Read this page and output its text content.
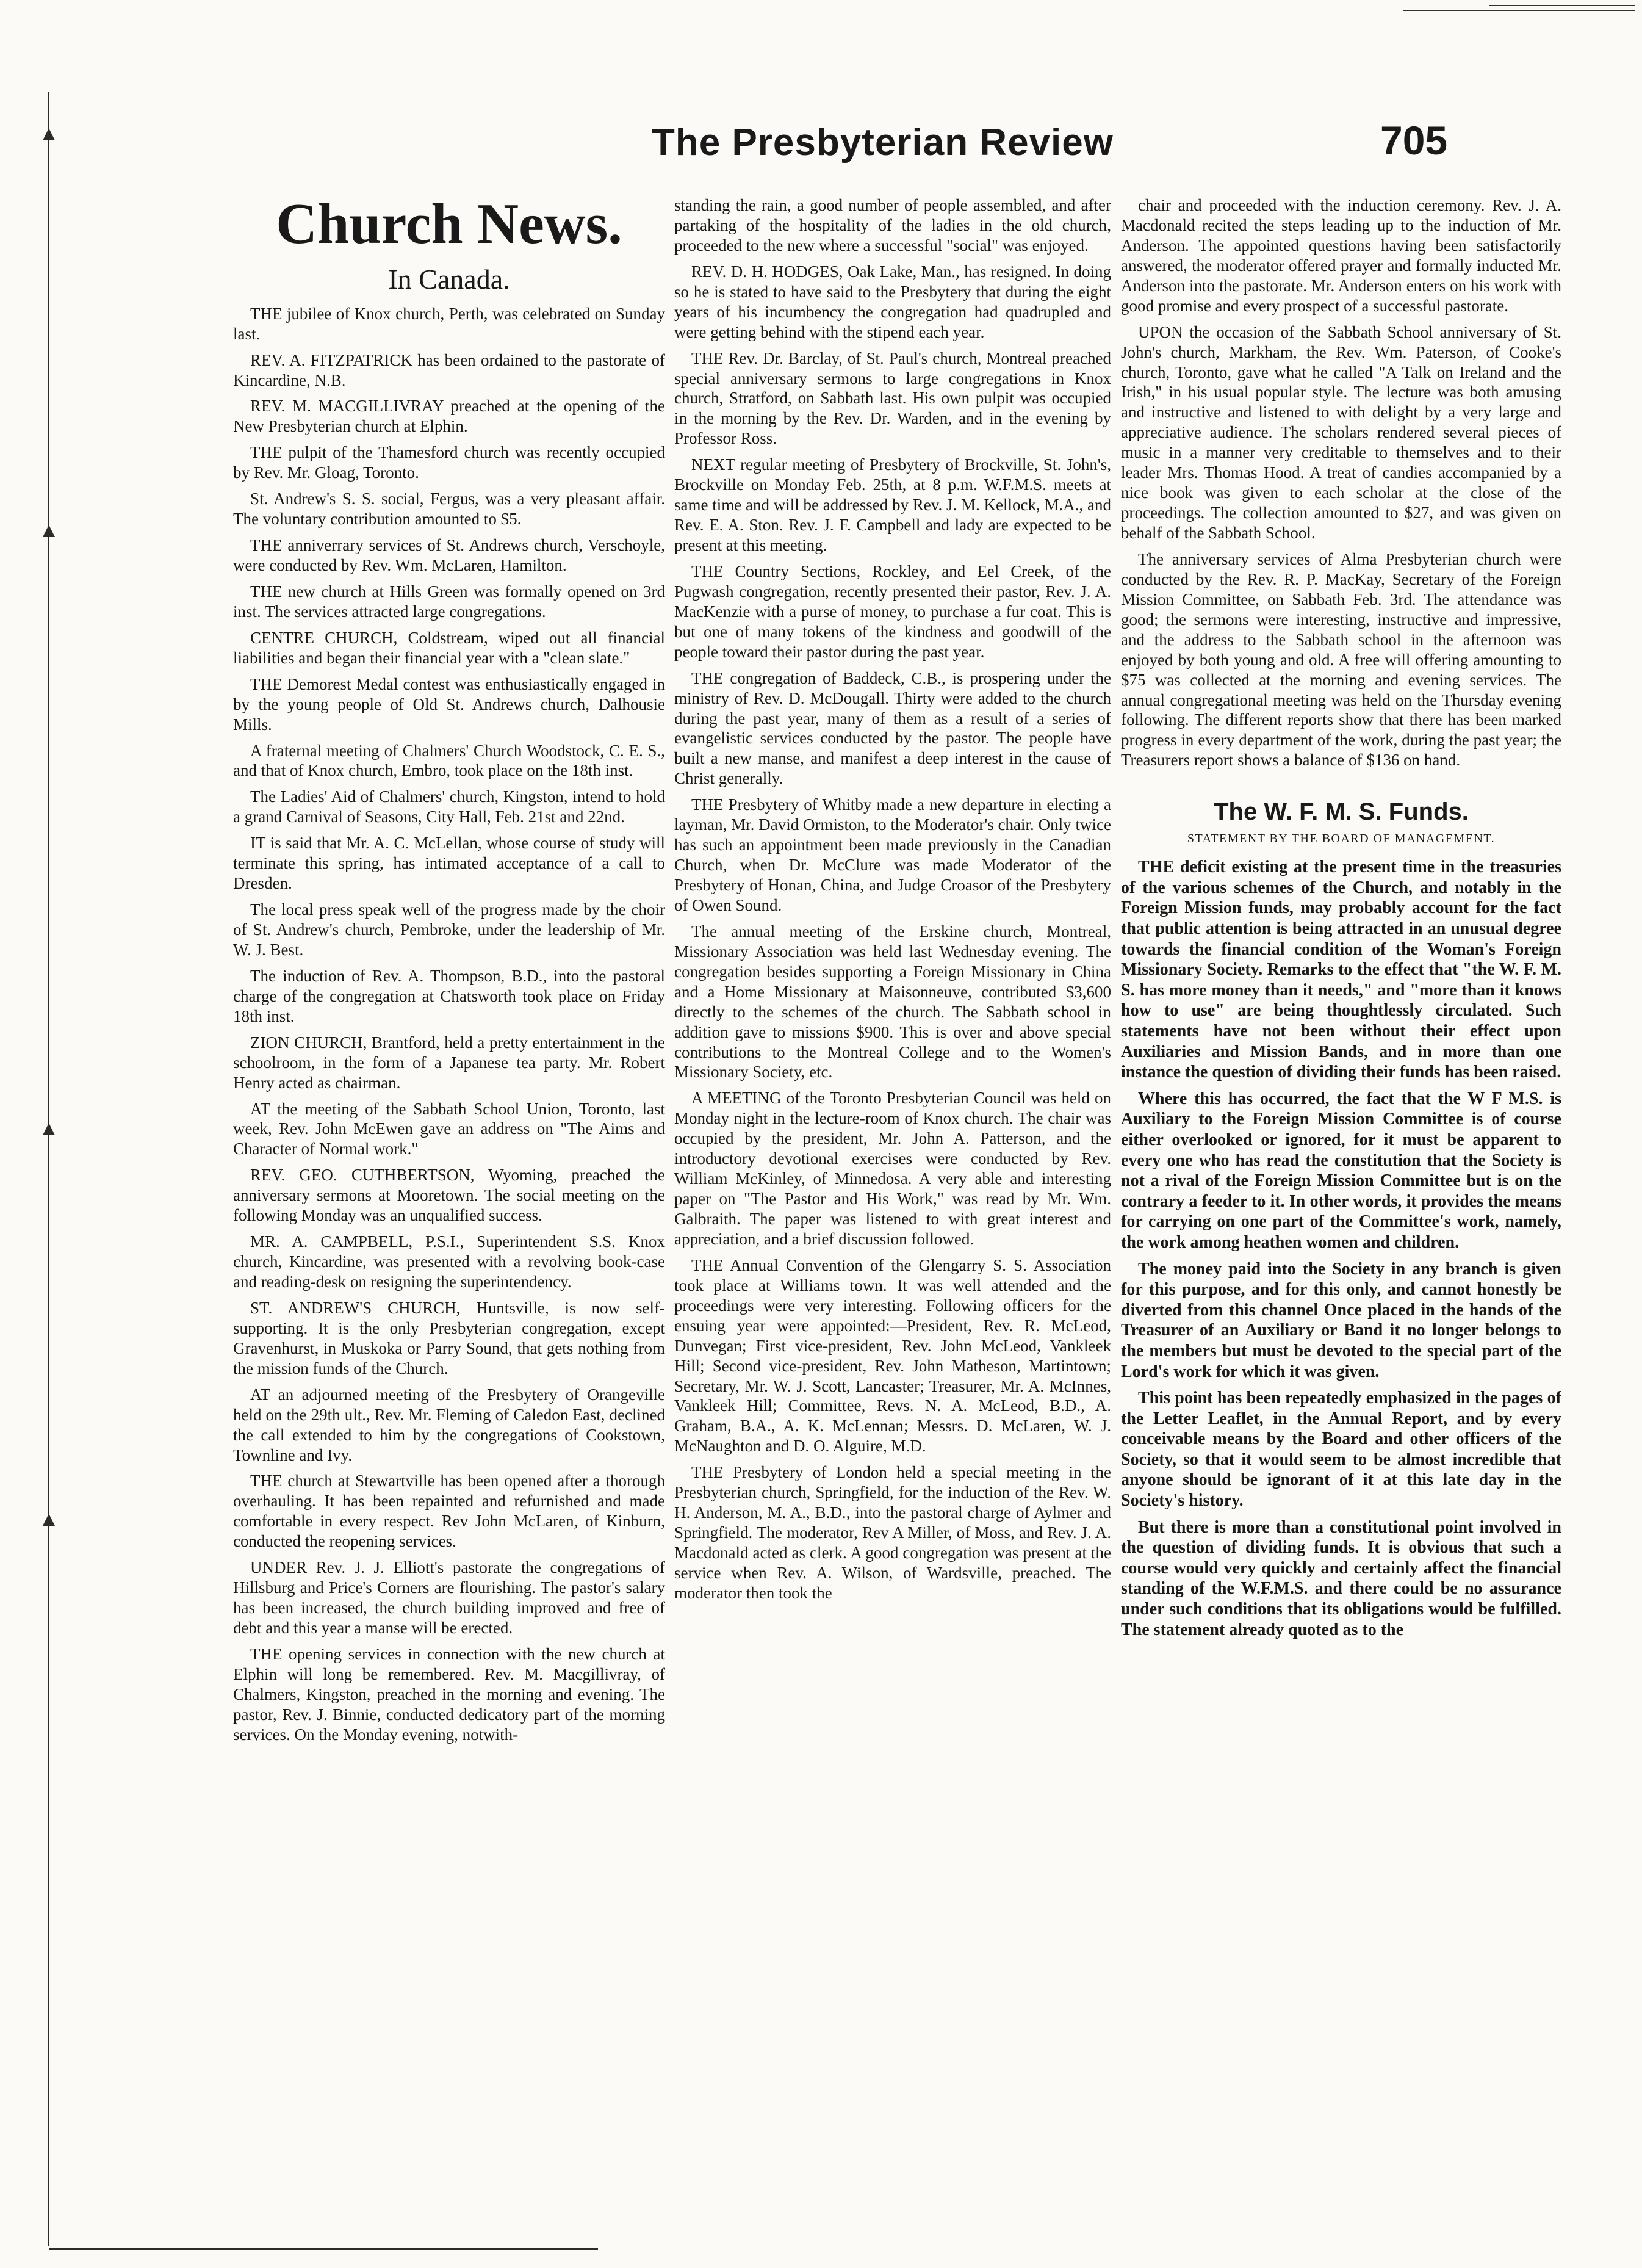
The Presbyterian Review	705
Church News.
In Canada.

THE jubilee of Knox church, Perth, was celebrated on Sunday last.

REV. A. FITZPATRICK has been ordained to the pastorate of Kincardine, N.B.

REV. M. MACGILLIVRAY preached at the opening of the New Presbyterian church at Elphin.

THE pulpit of the Thamesford church was recently occupied by Rev. Mr. Gloag, Toronto.

St. Andrew's S. S. social, Fergus, was a very pleasant affair. The voluntary contribution amounted to $5.

THE anniverrary services of St. Andrews church, Verschoyle, were conducted by Rev. Wm. McLaren, Hamilton.

THE new church at Hills Green was formally opened on 3rd inst. The services attracted large congregations.

CENTRE CHURCH, Coldstream, wiped out all financial liabilities and began their financial year with a "clean slate."

THE Demorest Medal contest was enthusiastically engaged in by the young people of Old St. Andrews church, Dalhousie Mills.

A fraternal meeting of Chalmers' Church Woodstock, C. E. S., and that of Knox church, Embro, took place on the 18th inst.

The Ladies' Aid of Chalmers' church, Kingston, intend to hold a grand Carnival of Seasons, City Hall, Feb. 21st and 22nd.

IT is said that Mr. A. C. McLellan, whose course of study will terminate this spring, has intimated acceptance of a call to Dresden.

The local press speak well of the progress made by the choir of St. Andrew's church, Pembroke, under the leadership of Mr. W. J. Best.

The induction of Rev. A. Thompson, B.D., into the pastoral charge of the congregation at Chatsworth took place on Friday 18th inst.

ZION CHURCH, Brantford, held a pretty entertainment in the schoolroom, in the form of a Japanese tea party. Mr. Robert Henry acted as chairman.

AT the meeting of the Sabbath School Union, Toronto, last week, Rev. John McEwen gave an address on "The Aims and Character of Normal work."

REV. GEO. CUTHBERTSON, Wyoming, preached the anniversary sermons at Mooretown. The social meeting on the following Monday was an unqualified success.

MR. A. CAMPBELL, P.S.I., Superintendent S.S. Knox church, Kincardine, was presented with a revolving book-case and reading-desk on resigning the superintendency.

ST. ANDREW'S CHURCH, Huntsville, is now self-supporting. It is the only Presbyterian congregation, except Gravenhurst, in Muskoka or Parry Sound, that gets nothing from the mission funds of the Church.

AT an adjourned meeting of the Presbytery of Orangeville held on the 29th ult., Rev. Mr. Fleming of Caledon East, declined the call extended to him by the congregations of Cookstown, Townline and Ivy.

THE church at Stewartville has been opened after a thorough overhauling. It has been repainted and refurnished and made comfortable in every respect. Rev John McLaren, of Kinburn, conducted the reopening services.

UNDER Rev. J. J. Elliott's pastorate the congregations of Hillsburg and Price's Corners are flourishing. The pastor's salary has been increased, the church building improved and free of debt and this year a manse will be erected.

THE opening services in connection with the new church at Elphin will long be remembered. Rev. M. Macgillivray, of Chalmers, Kingston, preached in the morning and evening. The pastor, Rev. J. Binnie, conducted dedicatory part of the morning services. On the Monday evening, notwith-

standing the rain, a good number of people assembled, and after partaking of the hospitality of the ladies in the old church, proceeded to the new where a successful "social" was enjoyed.

REV. D. H. HODGES, Oak Lake, Man., has resigned. In doing so he is stated to have said to the Presbytery that during the eight years of his incumbency the congregation had quadrupled and were getting behind with the stipend each year.

THE Rev. Dr. Barclay, of St. Paul's church, Montreal preached special anniversary sermons to large congregations in Knox church, Stratford, on Sabbath last. His own pulpit was occupied in the morning by the Rev. Dr. Warden, and in the evening by Professor Ross.

NEXT regular meeting of Presbytery of Brockville, St. John's, Brockville on Monday Feb. 25th, at 8 p.m. W.F.M.S. meets at same time and will be addressed by Rev. J. M. Kellock, M.A., and Rev. E. A. Ston. Rev. J. F. Campbell and lady are expected to be present at this meeting.

THE Country Sections, Rockley, and Eel Creek, of the Pugwash congregation, recently presented their pastor, Rev. J. A. MacKenzie with a purse of money, to purchase a fur coat. This is but one of many tokens of the kindness and goodwill of the people toward their pastor during the past year.

THE congregation of Baddeck, C.B., is prospering under the ministry of Rev. D. McDougall. Thirty were added to the church during the past year, many of them as a result of a series of evangelistic services conducted by the pastor. The people have built a new manse, and manifest a deep interest in the cause of Christ generally.

THE Presbytery of Whitby made a new departure in electing a layman, Mr. David Ormiston, to the Moderator's chair. Only twice has such an appointment been made previously in the Canadian Church, when Dr. McClure was made Moderator of the Presbytery of Honan, China, and Judge Croasor of the Presbytery of Owen Sound.

The annual meeting of the Erskine church, Montreal, Missionary Association was held last Wednesday evening. The congregation besides supporting a Foreign Missionary in China and a Home Missionary at Maisonneuve, contributed $3,600 directly to the schemes of the church. The Sabbath school in addition gave to missions $900. This is over and above special contributions to the Montreal College and to the Women's Missionary Society, etc.

A MEETING of the Toronto Presbyterian Council was held on Monday night in the lecture-room of Knox church. The chair was occupied by the president, Mr. John A. Patterson, and the introductory devotional exercises were conducted by Rev. William McKinley, of Minnedosa. A very able and interesting paper on "The Pastor and His Work," was read by Mr. Wm. Galbraith. The paper was listened to with great interest and appreciation, and a brief discussion followed.

THE Annual Convention of the Glengarry S. S. Association took place at Williams town. It was well attended and the proceedings were very interesting. Following officers for the ensuing year were appointed:—President, Rev. R. McLeod, Dunvegan; First vice-president, Rev. John McLeod, Vankleek Hill; Second vice-president, Rev. John Matheson, Martintown; Secretary, Mr. W. J. Scott, Lancaster; Treasurer, Mr. A. McInnes, Vankleek Hill; Committee, Revs. N. A. McLeod, B.D., A. Graham, B.A., A. K. McLennan; Messrs. D. McLaren, W. J. McNaughton and D. O. Alguire, M.D.

THE Presbytery of London held a special meeting in the Presbyterian church, Springfield, for the induction of the Rev. W. H. Anderson, M. A., B.D., into the pastoral charge of Aylmer and Springfield. The moderator, Rev A Miller, of Moss, and Rev. J. A. Macdonald acted as clerk. A good congregation was present at the service when Rev. A. Wilson, of Wardsville, preached. The moderator then took the

chair and proceeded with the induction ceremony. Rev. J. A. Macdonald recited the steps leading up to the induction of Mr. Anderson. The appointed questions having been satisfactorily answered, the moderator offered prayer and formally inducted Mr. Anderson into the pastorate. Mr. Anderson enters on his work with good promise and every prospect of a successful pastorate.

UPON the occasion of the Sabbath School anniversary of St. John's church, Markham, the Rev. Wm. Paterson, of Cooke's church, Toronto, gave what he called "A Talk on Ireland and the Irish," in his usual popular style. The lecture was both amusing and instructive and listened to with delight by a very large and appreciative audience. The scholars rendered several pieces of music in a manner very creditable to themselves and to their leader Mrs. Thomas Hood. A treat of candies accompanied by a nice book was given to each scholar at the close of the proceedings. The collection amounted to $27, and was given on behalf of the Sabbath School.

The anniversary services of Alma Presbyterian church were conducted by the Rev. R. P. MacKay, Secretary of the Foreign Mission Committee, on Sabbath Feb. 3rd. The attendance was good; the sermons were interesting, instructive and impressive, and the address to the Sabbath school in the afternoon was enjoyed by both young and old. A free will offering amounting to $75 was collected at the morning and evening services. The annual congregational meeting was held on the Thursday evening following. The different reports show that there has been marked progress in every department of the work, during the past year; the Treasurers report shows a balance of $136 on hand.

The W. F. M. S. Funds.
STATEMENT BY THE BOARD OF MANAGEMENT.

THE deficit existing at the present time in the treasuries of the various schemes of the Church, and notably in the Foreign Mission funds, may probably account for the fact that public attention is being attracted in an unusual degree towards the financial condition of the Woman's Foreign Missionary Society. Remarks to the effect that "the W. F. M. S. has more money than it needs," and "more than it knows how to use" are being thoughtlessly circulated. Such statements have not been without their effect upon Auxiliaries and Mission Bands, and in more than one instance the question of dividing their funds has been raised.

Where this has occurred, the fact that the W F M.S. is Auxiliary to the Foreign Mission Committee is of course either overlooked or ignored, for it must be apparent to every one who has read the constitution that the Society is not a rival of the Foreign Mission Committee but is on the contrary a feeder to it. In other words, it provides the means for carrying on one part of the Committee's work, namely, the work among heathen women and children.

The money paid into the Society in any branch is given for this purpose, and for this only, and cannot honestly be diverted from this channel Once placed in the hands of the Treasurer of an Auxiliary or Band it no longer belongs to the members but must be devoted to the special part of the Lord's work for which it was given.

This point has been repeatedly emphasized in the pages of the Letter Leaflet, in the Annual Report, and by every conceivable means by the Board and other officers of the Society, so that it would seem to be almost incredible that anyone should be ignorant of it at this late day in the Society's history.

But there is more than a constitutional point involved in the question of dividing funds. It is obvious that such a course would very quickly and certainly affect the financial standing of the W.F.M.S. and there could be no assurance under such conditions that its obligations would be fulfilled. The statement already quoted as to the
